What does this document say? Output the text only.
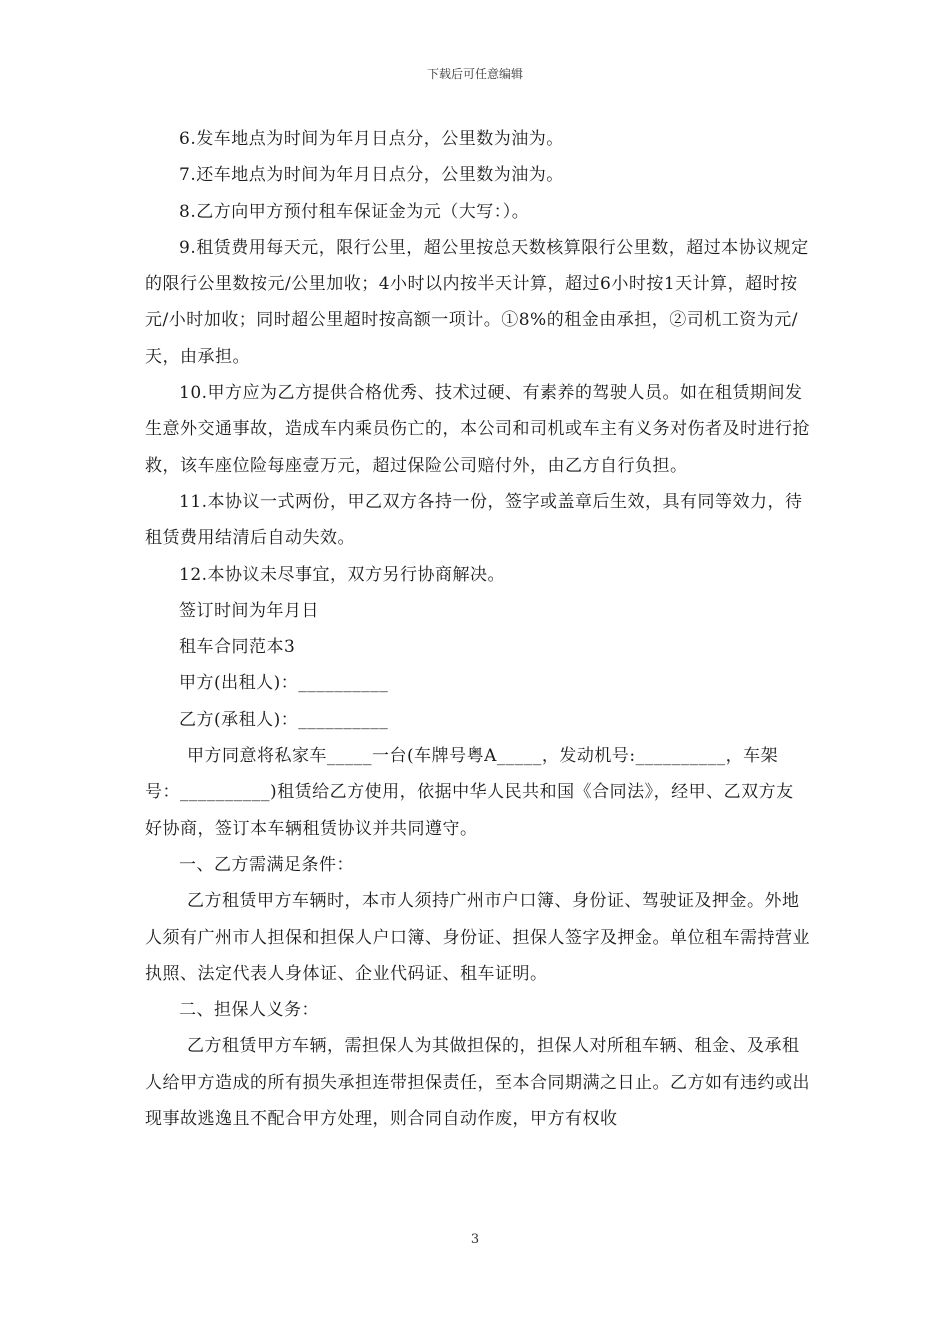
下载后可任意编辑

6.发车地点为时间为年月日点分，公里数为油为。

7.还车地点为时间为年月日点分，公里数为油为。

8.乙方向甲方预付租车保证金为元（大写：）。

9.租赁费用每天元，限行公里，超公里按总天数核算限行公里数，超过本协议规定的限行公里数按元/公里加收；4小时以内按半天计算，超过6小时按1天计算，超时按元/小时加收；同时超公里超时按高额一项计。①8%的租金由承担，②司机工资为元/天，由承担。

10.甲方应为乙方提供合格优秀、技术过硬、有素养的驾驶人员。如在租赁期间发生意外交通事故，造成车内乘员伤亡的，本公司和司机或车主有义务对伤者及时进行抢救，该车座位险每座壹万元，超过保险公司赔付外，由乙方自行负担。

11.本协议一式两份，甲乙双方各持一份，签字或盖章后生效，具有同等效力，待租赁费用结清后自动失效。

12.本协议未尽事宜，双方另行协商解决。

签订时间为年月日

租车合同范本3

甲方(出租人)：__________

乙方(承租人)：__________

甲方同意将私家车_____一台(车牌号粤A_____，发动机号:__________，车架号：__________)租赁给乙方使用，依据中华人民共和国《合同法》，经甲、乙双方友好协商，签订本车辆租赁协议并共同遵守。

一、乙方需满足条件：

乙方租赁甲方车辆时，本市人须持广州市户口簿、身份证、驾驶证及押金。外地人须有广州市人担保和担保人户口簿、身份证、担保人签字及押金。单位租车需持营业执照、法定代表人身体证、企业代码证、租车证明。

二、担保人义务：

乙方租赁甲方车辆，需担保人为其做担保的，担保人对所租车辆、租金、及承租人给甲方造成的所有损失承担连带担保责任，至本合同期满之日止。乙方如有违约或出现事故逃逸且不配合甲方处理，则合同自动作废，甲方有权收

3
